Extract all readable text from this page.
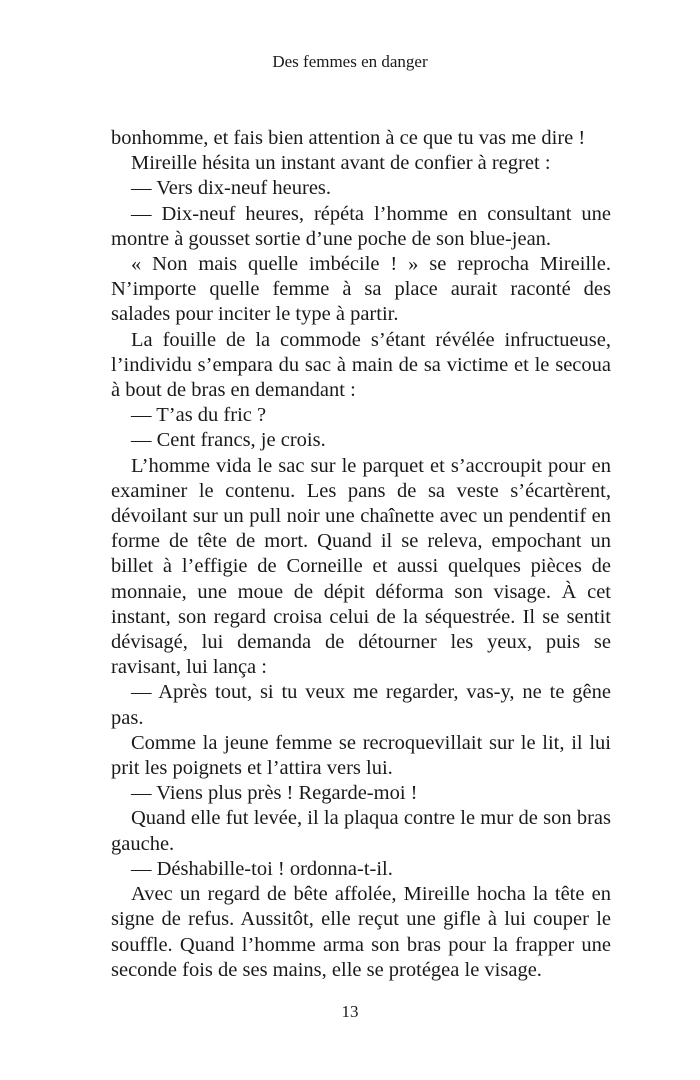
Des femmes en danger

bonhomme, et fais bien attention à ce que tu vas me dire !

Mireille hésita un instant avant de confier à regret :

— Vers dix-neuf heures.

— Dix-neuf heures, répéta l’homme en consultant une montre à gousset sortie d’une poche de son blue-jean.

« Non mais quelle imbécile ! » se reprocha Mireille. N’importe quelle femme à sa place aurait raconté des salades pour inciter le type à partir.

La fouille de la commode s’étant révélée infructueuse, l’individu s’empara du sac à main de sa victime et le secoua à bout de bras en demandant :

— T’as du fric ?

— Cent francs, je crois.

L’homme vida le sac sur le parquet et s’accroupit pour en examiner le contenu. Les pans de sa veste s’écartèrent, dévoilant sur un pull noir une chaînette avec un pendentif en forme de tête de mort. Quand il se releva, empochant un billet à l’effigie de Corneille et aussi quelques pièces de monnaie, une moue de dépit déforma son visage. À cet instant, son regard croisa celui de la séquestrée. Il se sentit dévisagé, lui demanda de détourner les yeux, puis se ravisant, lui lança :

— Après tout, si tu veux me regarder, vas-y, ne te gêne pas.

Comme la jeune femme se recroquevillait sur le lit, il lui prit les poignets et l’attira vers lui.

— Viens plus près ! Regarde-moi !

Quand elle fut levée, il la plaqua contre le mur de son bras gauche.

— Déshabille-toi ! ordonna-t-il.

Avec un regard de bête affolée, Mireille hocha la tête en signe de refus. Aussitôt, elle reçut une gifle à lui couper le souffle. Quand l’homme arma son bras pour la frapper une seconde fois de ses mains, elle se protégea le visage.

13
